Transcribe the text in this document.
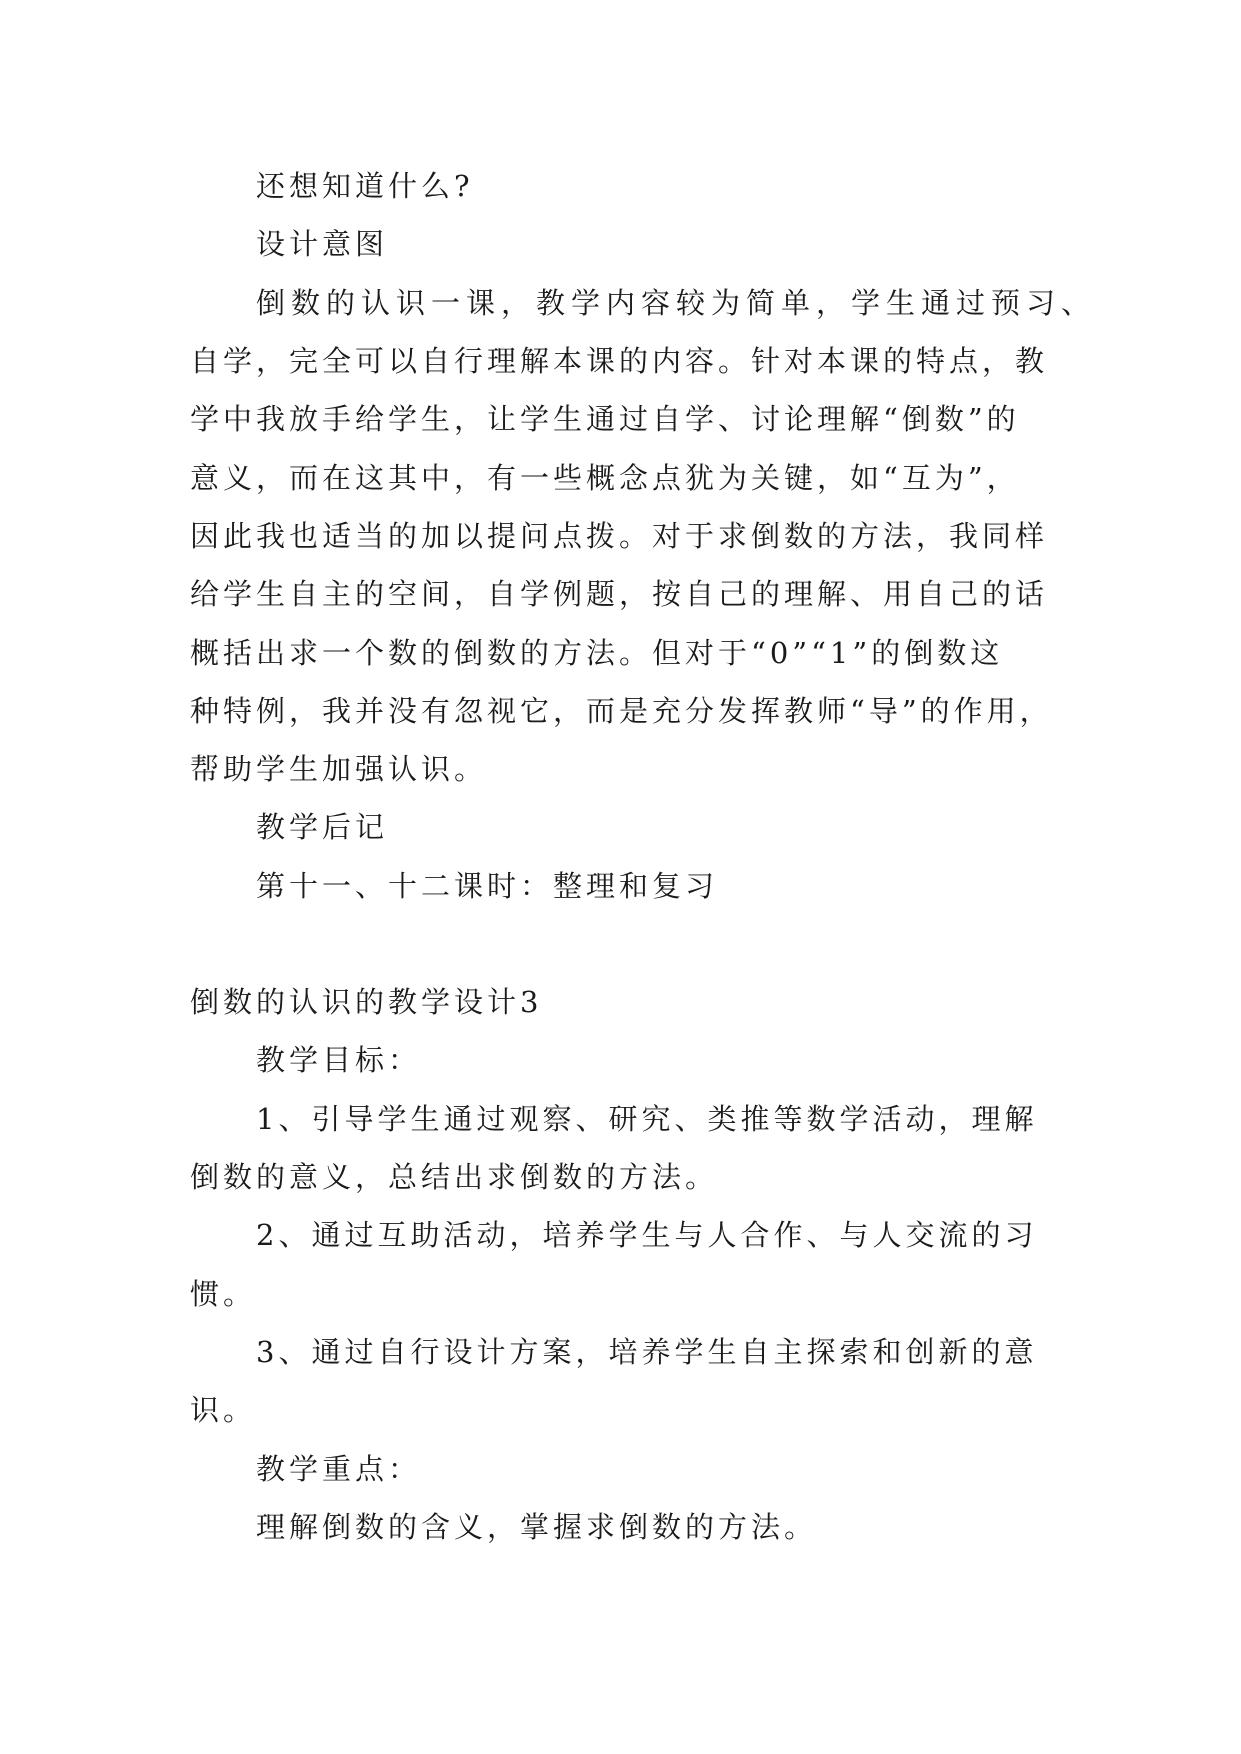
还想知道什么?
设计意图
倒数的认识一课，教学内容较为简单，学生通过预习、
自学，完全可以自行理解本课的内容。针对本课的特点，教
学中我放手给学生，让学生通过自学、讨论理解“倒数”的
意义，而在这其中，有一些概念点犹为关键，如“互为”，
因此我也适当的加以提问点拨。对于求倒数的方法，我同样
给学生自主的空间，自学例题，按自己的理解、用自己的话
概括出求一个数的倒数的方法。但对于“0”“1”的倒数这
种特例，我并没有忽视它，而是充分发挥教师“导”的作用，
帮助学生加强认识。
教学后记
第十一、十二课时：整理和复习
倒数的认识的教学设计3
教学目标：
1、引导学生通过观察、研究、类推等数学活动，理解
倒数的意义，总结出求倒数的方法。
2、通过互助活动，培养学生与人合作、与人交流的习
惯。
3、通过自行设计方案，培养学生自主探索和创新的意
识。
教学重点：
理解倒数的含义，掌握求倒数的方法。
